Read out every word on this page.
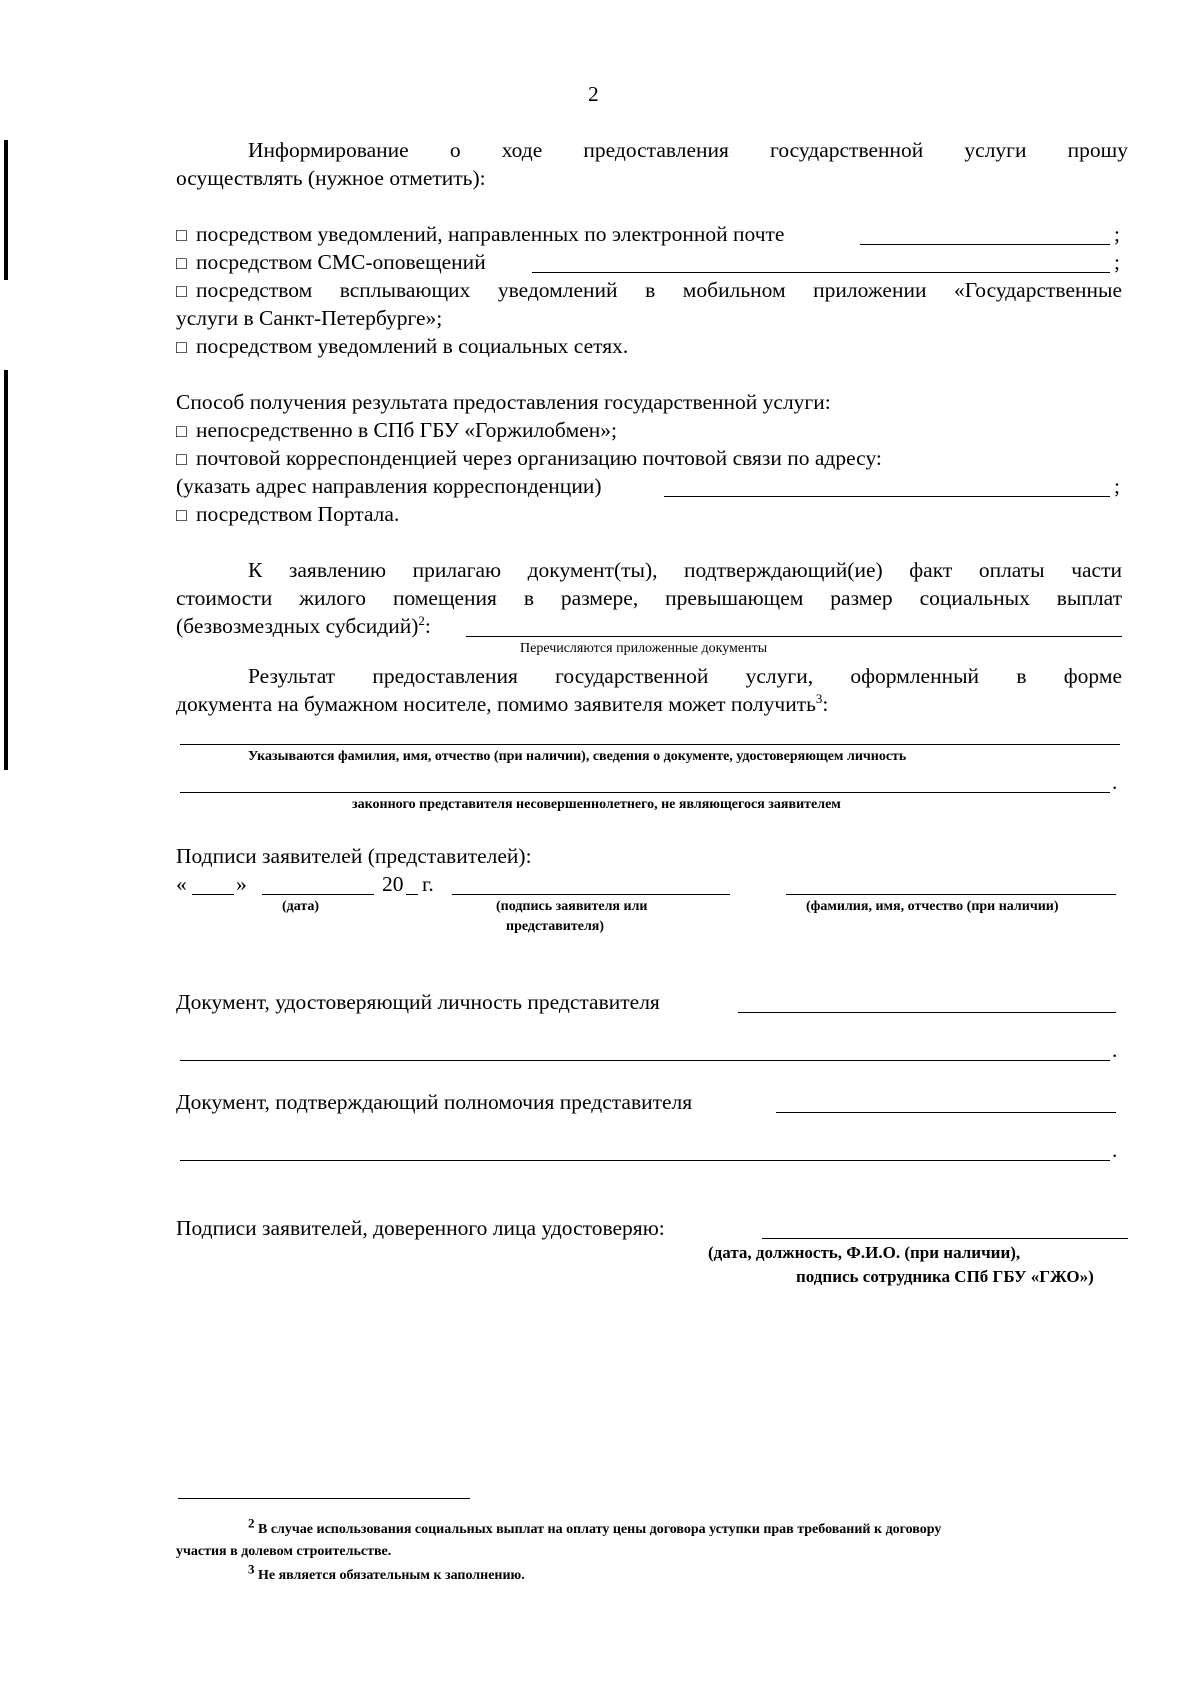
2
Информирование о ходе предоставления государственной услуги прошу
осуществлять (нужное отметить):
□ посредством уведомлений, направленных по электронной почте	;
□ посредством СМС-оповещений	;
□ посредством всплывающих уведомлений в мобильном приложении «Государственные
услуги в Санкт-Петербурге»;
□ посредством уведомлений в социальных сетях.
Способ получения результата предоставления государственной услуги:
□ непосредственно в СПб ГБУ «Горжилобмен»;
□ почтовой корреспонденцией через организацию почтовой связи по адресу:
(указать адрес направления корреспонденции)	;
□ посредством Портала.
К заявлению прилагаю документ(ты), подтверждающий(ие) факт оплаты части
стоимости жилого помещения в размере, превышающем размер социальных выплат
(безвозмездных субсидий)$^2$:
Перечисляются приложенные документы
Результат предоставления государственной услуги, оформленный в форме
документа на бумажном носителе, помимо заявителя может получить$^3$:
Указываются фамилия, имя, отчество (при наличии), сведения о документе, удостоверяющем личность
.
законного представителя несовершеннолетнего, не являющегося заявителем
Подписи заявителей (представителей):
« »	20 г.
(дата)	(подпись заявителя или
представителя)
(фамилия, имя, отчество (при наличии)
Документ, удостоверяющий личность представителя
.
Документ, подтверждающий полномочия представителя
.
Подписи заявителей, доверенного лица удостоверяю:
(дата, должность, Ф.И.О. (при наличии),
подпись сотрудника СПб ГБУ «ГЖО»)
$^2$ В случае использования социальных выплат на оплату цены договора уступки прав требований к договору
участия в долевом строительстве.
$^3$ Не является обязательным к заполнению.
